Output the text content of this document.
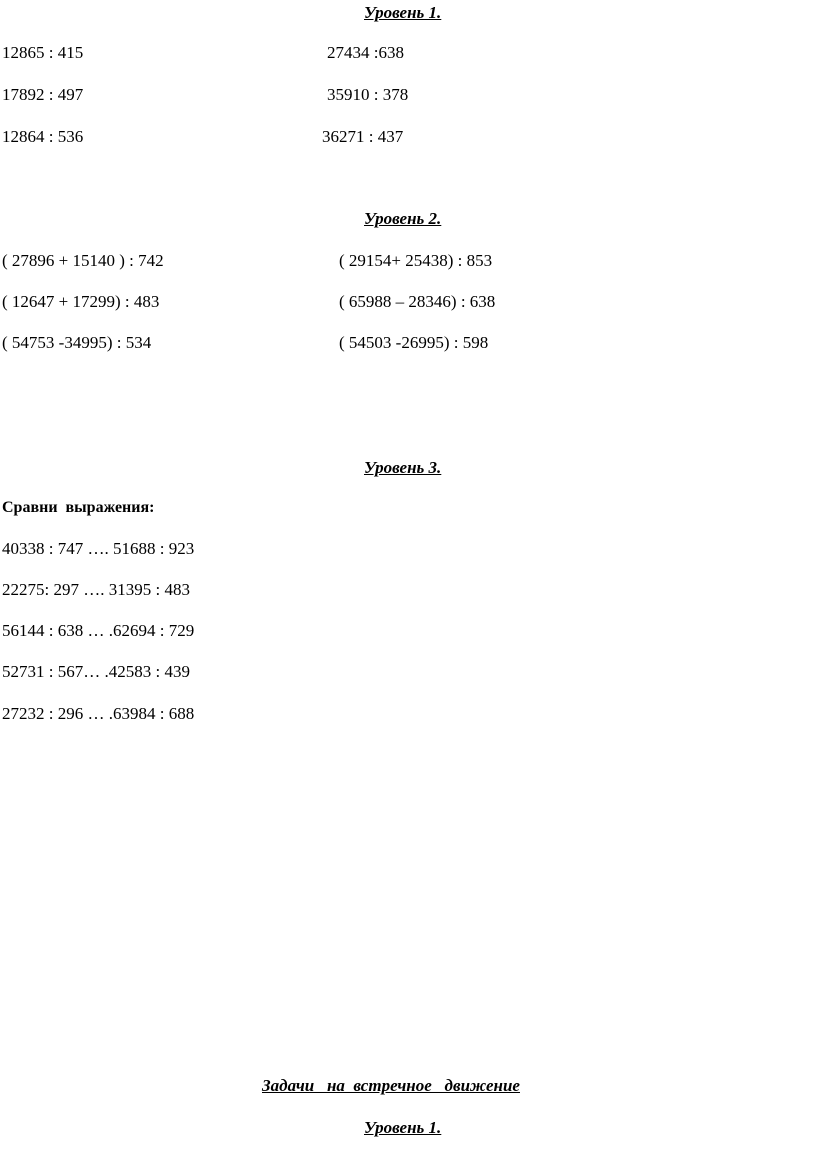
Уровень 1.
12865 : 415	27434 :638
17892 : 497	35910 : 378
12864 : 536	36271 : 437
Уровень 2.
( 27896 + 15140 ) : 742	( 29154+ 25438) : 853
( 12647 + 17299) : 483	( 65988 – 28346) : 638
( 54753 -34995) : 534	( 54503 -26995) : 598
Уровень 3.
Сравни  выражения:
40338 : 747 …. 51688 : 923
22275: 297 …. 31395 : 483
56144 : 638 … .62694 : 729
52731 : 567… .42583 : 439
27232 : 296 … .63984 : 688
Задачи   на  встречное   движение
Уровень 1.
